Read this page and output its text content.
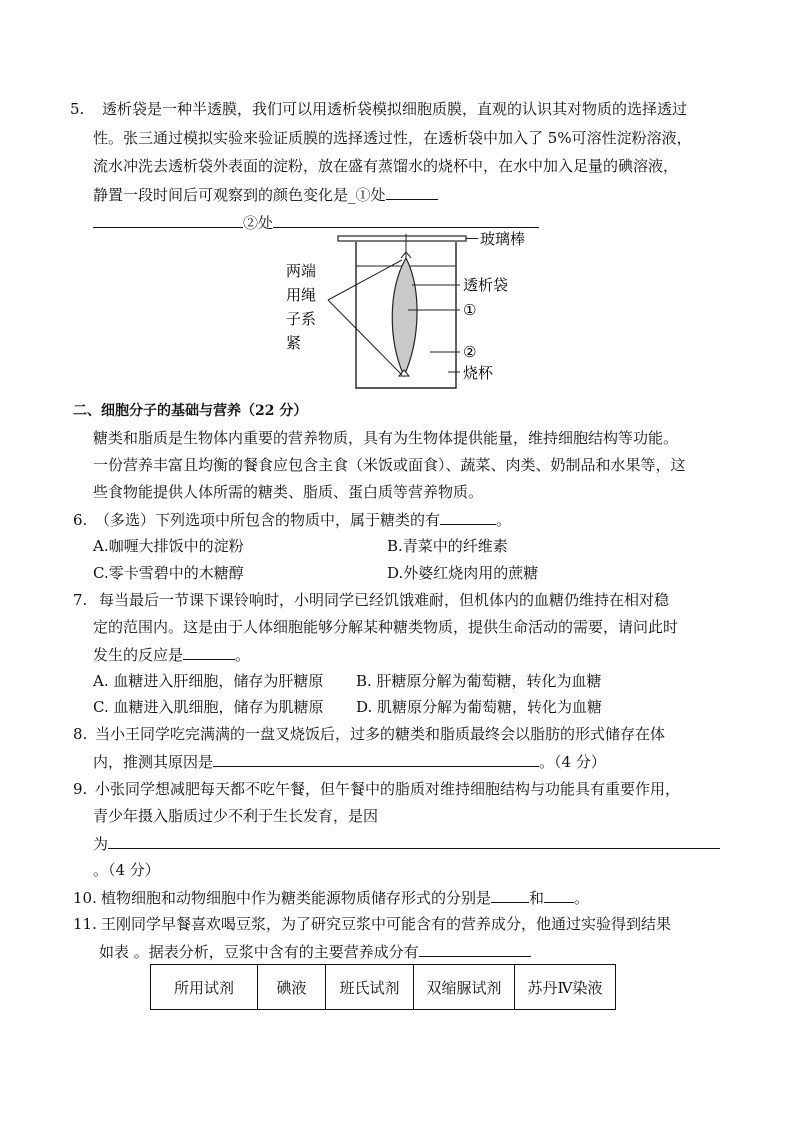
5. 透析袋是一种半透膜，我们可以用透析袋模拟细胞质膜，直观的认识其对物质的选择透过
性。张三通过模拟实验来验证质膜的选择透过性，在透析袋中加入了 5%可溶性淀粉溶液，
流水冲洗去透析袋外表面的淀粉，放在盛有蒸馏水的烧杯中，在水中加入足量的碘溶液，
静置一段时间后可观察到的颜色变化是_①处
②处
玻璃棒
透析袋
①
②
烧杯
两端
用绳
子系
紧
二、细胞分子的基础与营养（22 分）
糖类和脂质是生物体内重要的营养物质，具有为生物体提供能量，维持细胞结构等功能。
一份营养丰富且均衡的餐食应包含主食（米饭或面食）、蔬菜、肉类、奶制品和水果等，这
些食物能提供人体所需的糖类、脂质、蛋白质等营养物质。
6. （多选）下列选项中所包含的物质中，属于糖类的有	。
A.咖喱大排饭中的淀粉	B.青菜中的纤维素
C.零卡雪碧中的木糖醇	D.外婆红烧肉用的蔗糖
7. 每当最后一节课下课铃响时，小明同学已经饥饿难耐，但机体内的血糖仍维持在相对稳
定的范围内。这是由于人体细胞能够分解某种糖类物质，提供生命活动的需要，请问此时
发生的反应是	。
A. 血糖进入肝细胞，储存为肝糖原 B. 肝糖原分解为葡萄糖，转化为血糖
C. 血糖进入肌细胞，储存为肌糖原 D. 肌糖原分解为葡萄糖，转化为血糖
8. 当小王同学吃完满满的一盘叉烧饭后，过多的糖类和脂质最终会以脂肪的形式储存在体
内，推测其原因是	。（4 分）
9. 小张同学想减肥每天都不吃午餐，但午餐中的脂质对维持细胞结构与功能具有重要作用，
青少年摄入脂质过少不利于生长发育，是因
为
。（4 分）
10. 植物细胞和动物细胞中作为糖类能源物质储存形式的分别是	和 。
11. 王刚同学早餐喜欢喝豆浆，为了研究豆浆中可能含有的营养成分，他通过实验得到结果
如表 。据表分析，豆浆中含有的主要营养成分有
所用试剂	碘液	班氏试剂	双缩脲试剂	苏丹Ⅳ染液
